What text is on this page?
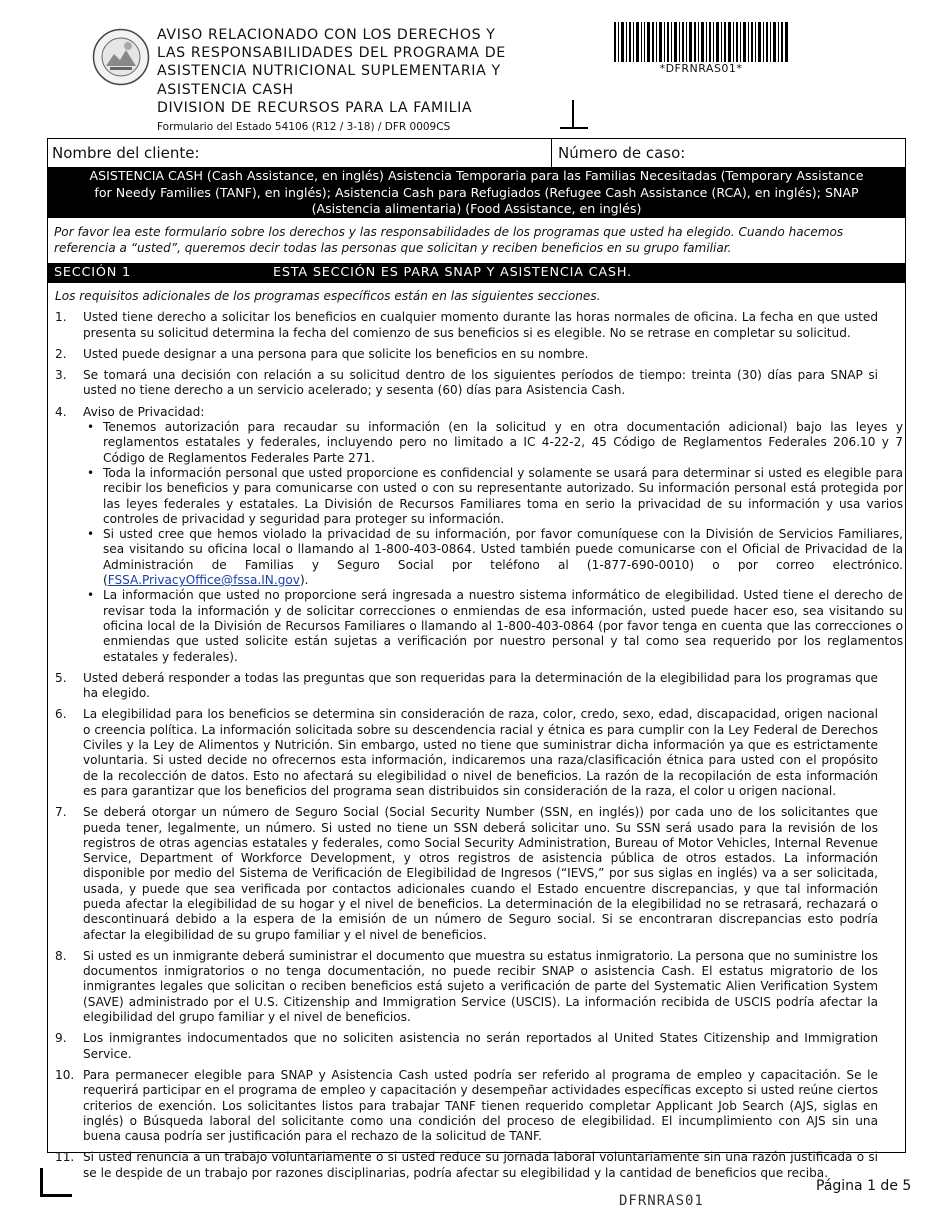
AVISO RELACIONADO CON LOS DERECHOS Y
LAS RESPONSABILIDADES DEL PROGRAMA DE
ASISTENCIA NUTRICIONAL SUPLEMENTARIA Y
ASISTENCIA CASH
DIVISION DE RECURSOS PARA LA FAMILIA
Formulario del Estado 54106 (R12 / 3-18) / DFR 0009CS
*DFRNRAS01*
Nombre del cliente:	Número de caso:
ASISTENCIA CASH (Cash Assistance, en inglés) Asistencia Temporaria para las Familias Necesitadas (Temporary Assistance for Needy Families (TANF), en inglés); Asistencia Cash para Refugiados (Refugee Cash Assistance (RCA), en inglés); SNAP (Asistencia alimentaria) (Food Assistance, en inglés)
Por favor lea este formulario sobre los derechos y las responsabilidades de los programas que usted ha elegido. Cuando hacemos referencia a “usted”, queremos decir todas las personas que solicitan y reciben beneficios en su grupo familiar.
SECCIÓN 1	ESTA SECCIÓN ES PARA SNAP Y ASISTENCIA CASH.
Los requisitos adicionales de los programas específicos están en las siguientes secciones.
1. Usted tiene derecho a solicitar los beneficios en cualquier momento durante las horas normales de oficina. La fecha en que usted presenta su solicitud determina la fecha del comienzo de sus beneficios si es elegible. No se retrase en completar su solicitud.
2. Usted puede designar a una persona para que solicite los beneficios en su nombre.
3. Se tomará una decisión con relación a su solicitud dentro de los siguientes períodos de tiempo: treinta (30) días para SNAP si usted no tiene derecho a un servicio acelerado; y sesenta (60) días para Asistencia Cash.
4. Aviso de Privacidad:
• Tenemos autorización para recaudar su información (en la solicitud y en otra documentación adicional) bajo las leyes y reglamentos estatales y federales, incluyendo pero no limitado a IC 4-22-2, 45 Código de Reglamentos Federales 206.10 y 7 Código de Reglamentos Federales Parte 271.
• Toda la información personal que usted proporcione es confidencial y solamente se usará para determinar si usted es elegible para recibir los beneficios y para comunicarse con usted o con su representante autorizado. Su información personal está protegida por las leyes federales y estatales. La División de Recursos Familiares toma en serio la privacidad de su información y usa varios controles de privacidad y seguridad para proteger su información.
• Si usted cree que hemos violado la privacidad de su información, por favor comuníquese con la División de Servicios Familiares, sea visitando su oficina local o llamando al 1-800-403-0864. Usted también puede comunicarse con el Oficial de Privacidad de la Administración de Familias y Seguro Social por teléfono al (1-877-690-0010) o por correo electrónico. (FSSA.PrivacyOffice@fssa.IN.gov).
• La información que usted no proporcione será ingresada a nuestro sistema informático de elegibilidad. Usted tiene el derecho de revisar toda la información y de solicitar correcciones o enmiendas de esa información, usted puede hacer eso, sea visitando su oficina local de la División de Recursos Familiares o llamando al 1-800-403-0864 (por favor tenga en cuenta que las correcciones o enmiendas que usted solicite están sujetas a verificación por nuestro personal y tal como sea requerido por los reglamentos estatales y federales).
5. Usted deberá responder a todas las preguntas que son requeridas para la determinación de la elegibilidad para los programas que ha elegido.
6. La elegibilidad para los beneficios se determina sin consideración de raza, color, credo, sexo, edad, discapacidad, origen nacional o creencia política. La información solicitada sobre su descendencia racial y étnica es para cumplir con la Ley Federal de Derechos Civiles y la Ley de Alimentos y Nutrición. Sin embargo, usted no tiene que suministrar dicha información ya que es estrictamente voluntaria. Si usted decide no ofrecernos esta información, indicaremos una raza/clasificación étnica para usted con el propósito de la recolección de datos. Esto no afectará su elegibilidad o nivel de beneficios. La razón de la recopilación de esta información es para garantizar que los beneficios del programa sean distribuidos sin consideración de la raza, el color u origen nacional.
7. Se deberá otorgar un número de Seguro Social (Social Security Number (SSN, en inglés)) por cada uno de los solicitantes que pueda tener, legalmente, un número. Si usted no tiene un SSN deberá solicitar uno. Su SSN será usado para la revisión de los registros de otras agencias estatales y federales, como Social Security Administration, Bureau of Motor Vehicles, Internal Revenue Service, Department of Workforce Development, y otros registros de asistencia pública de otros estados. La información disponible por medio del Sistema de Verificación de Elegibilidad de Ingresos (“IEVS,” por sus siglas en inglés) va a ser solicitada, usada, y puede que sea verificada por contactos adicionales cuando el Estado encuentre discrepancias, y que tal información pueda afectar la elegibilidad de su hogar y el nivel de beneficios. La determinación de la elegibilidad no se retrasará, rechazará o descontinuará debido a la espera de la emisión de un número de Seguro social. Si se encontraran discrepancias esto podría afectar la elegibilidad de su grupo familiar y el nivel de beneficios.
8. Si usted es un inmigrante deberá suministrar el documento que muestra su estatus inmigratorio. La persona que no suministre los documentos inmigratorios o no tenga documentación, no puede recibir SNAP o asistencia Cash. El estatus migratorio de los inmigrantes legales que solicitan o reciben beneficios está sujeto a verificación de parte del Systematic Alien Verification System (SAVE) administrado por el U.S. Citizenship and Immigration Service (USCIS). La información recibida de USCIS podría afectar la elegibilidad del grupo familiar y el nivel de beneficios.
9. Los inmigrantes indocumentados que no soliciten asistencia no serán reportados al United States Citizenship and Immigration Service.
10. Para permanecer elegible para SNAP y Asistencia Cash usted podría ser referido al programa de empleo y capacitación. Se le requerirá participar en el programa de empleo y capacitación y desempeñar actividades específicas excepto si usted reúne ciertos criterios de exención. Los solicitantes listos para trabajar TANF tienen requerido completar Applicant Job Search (AJS, siglas en inglés) o Búsqueda laboral del solicitante como una condición del proceso de elegibilidad. El incumplimiento con AJS sin una buena causa podría ser justificación para el rechazo de la solicitud de TANF.
11. Si usted renuncia a un trabajo voluntariamente o si usted reduce su jornada laboral voluntariamente sin una razón justificada o si se le despide de un trabajo por razones disciplinarias, podría afectar su elegibilidad y la cantidad de beneficios que reciba.
Página 1 de 5
DFRNRAS01
